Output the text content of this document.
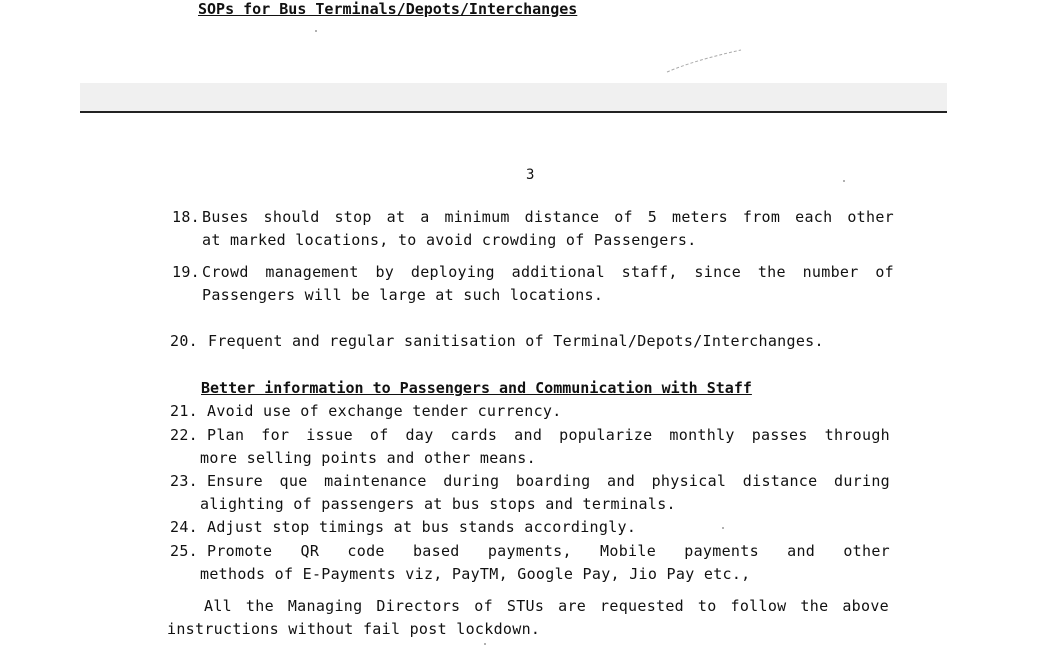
SOPs for Bus Terminals/Depots/Interchanges
3
18. Buses should stop at a minimum distance of 5 meters from each other
at marked locations, to avoid crowding of Passengers.
19. Crowd management by deploying additional staff, since the number of
Passengers will be large at such locations.
20. Frequent and regular sanitisation of Terminal/Depots/Interchanges.
Better information to Passengers and Communication with Staff
21. Avoid use of exchange tender currency.
22. Plan for issue of day cards and popularize monthly passes through
more selling points and other means.
23. Ensure que maintenance during boarding and physical distance during
alighting of passengers at bus stops and terminals.
24. Adjust stop timings at bus stands accordingly.
25. Promote QR code based payments, Mobile payments and other
methods of E-Payments viz, PayTM, Google Pay, Jio Pay etc.,
All the Managing Directors of STUs are requested to follow the above
instructions without fail post lockdown.
